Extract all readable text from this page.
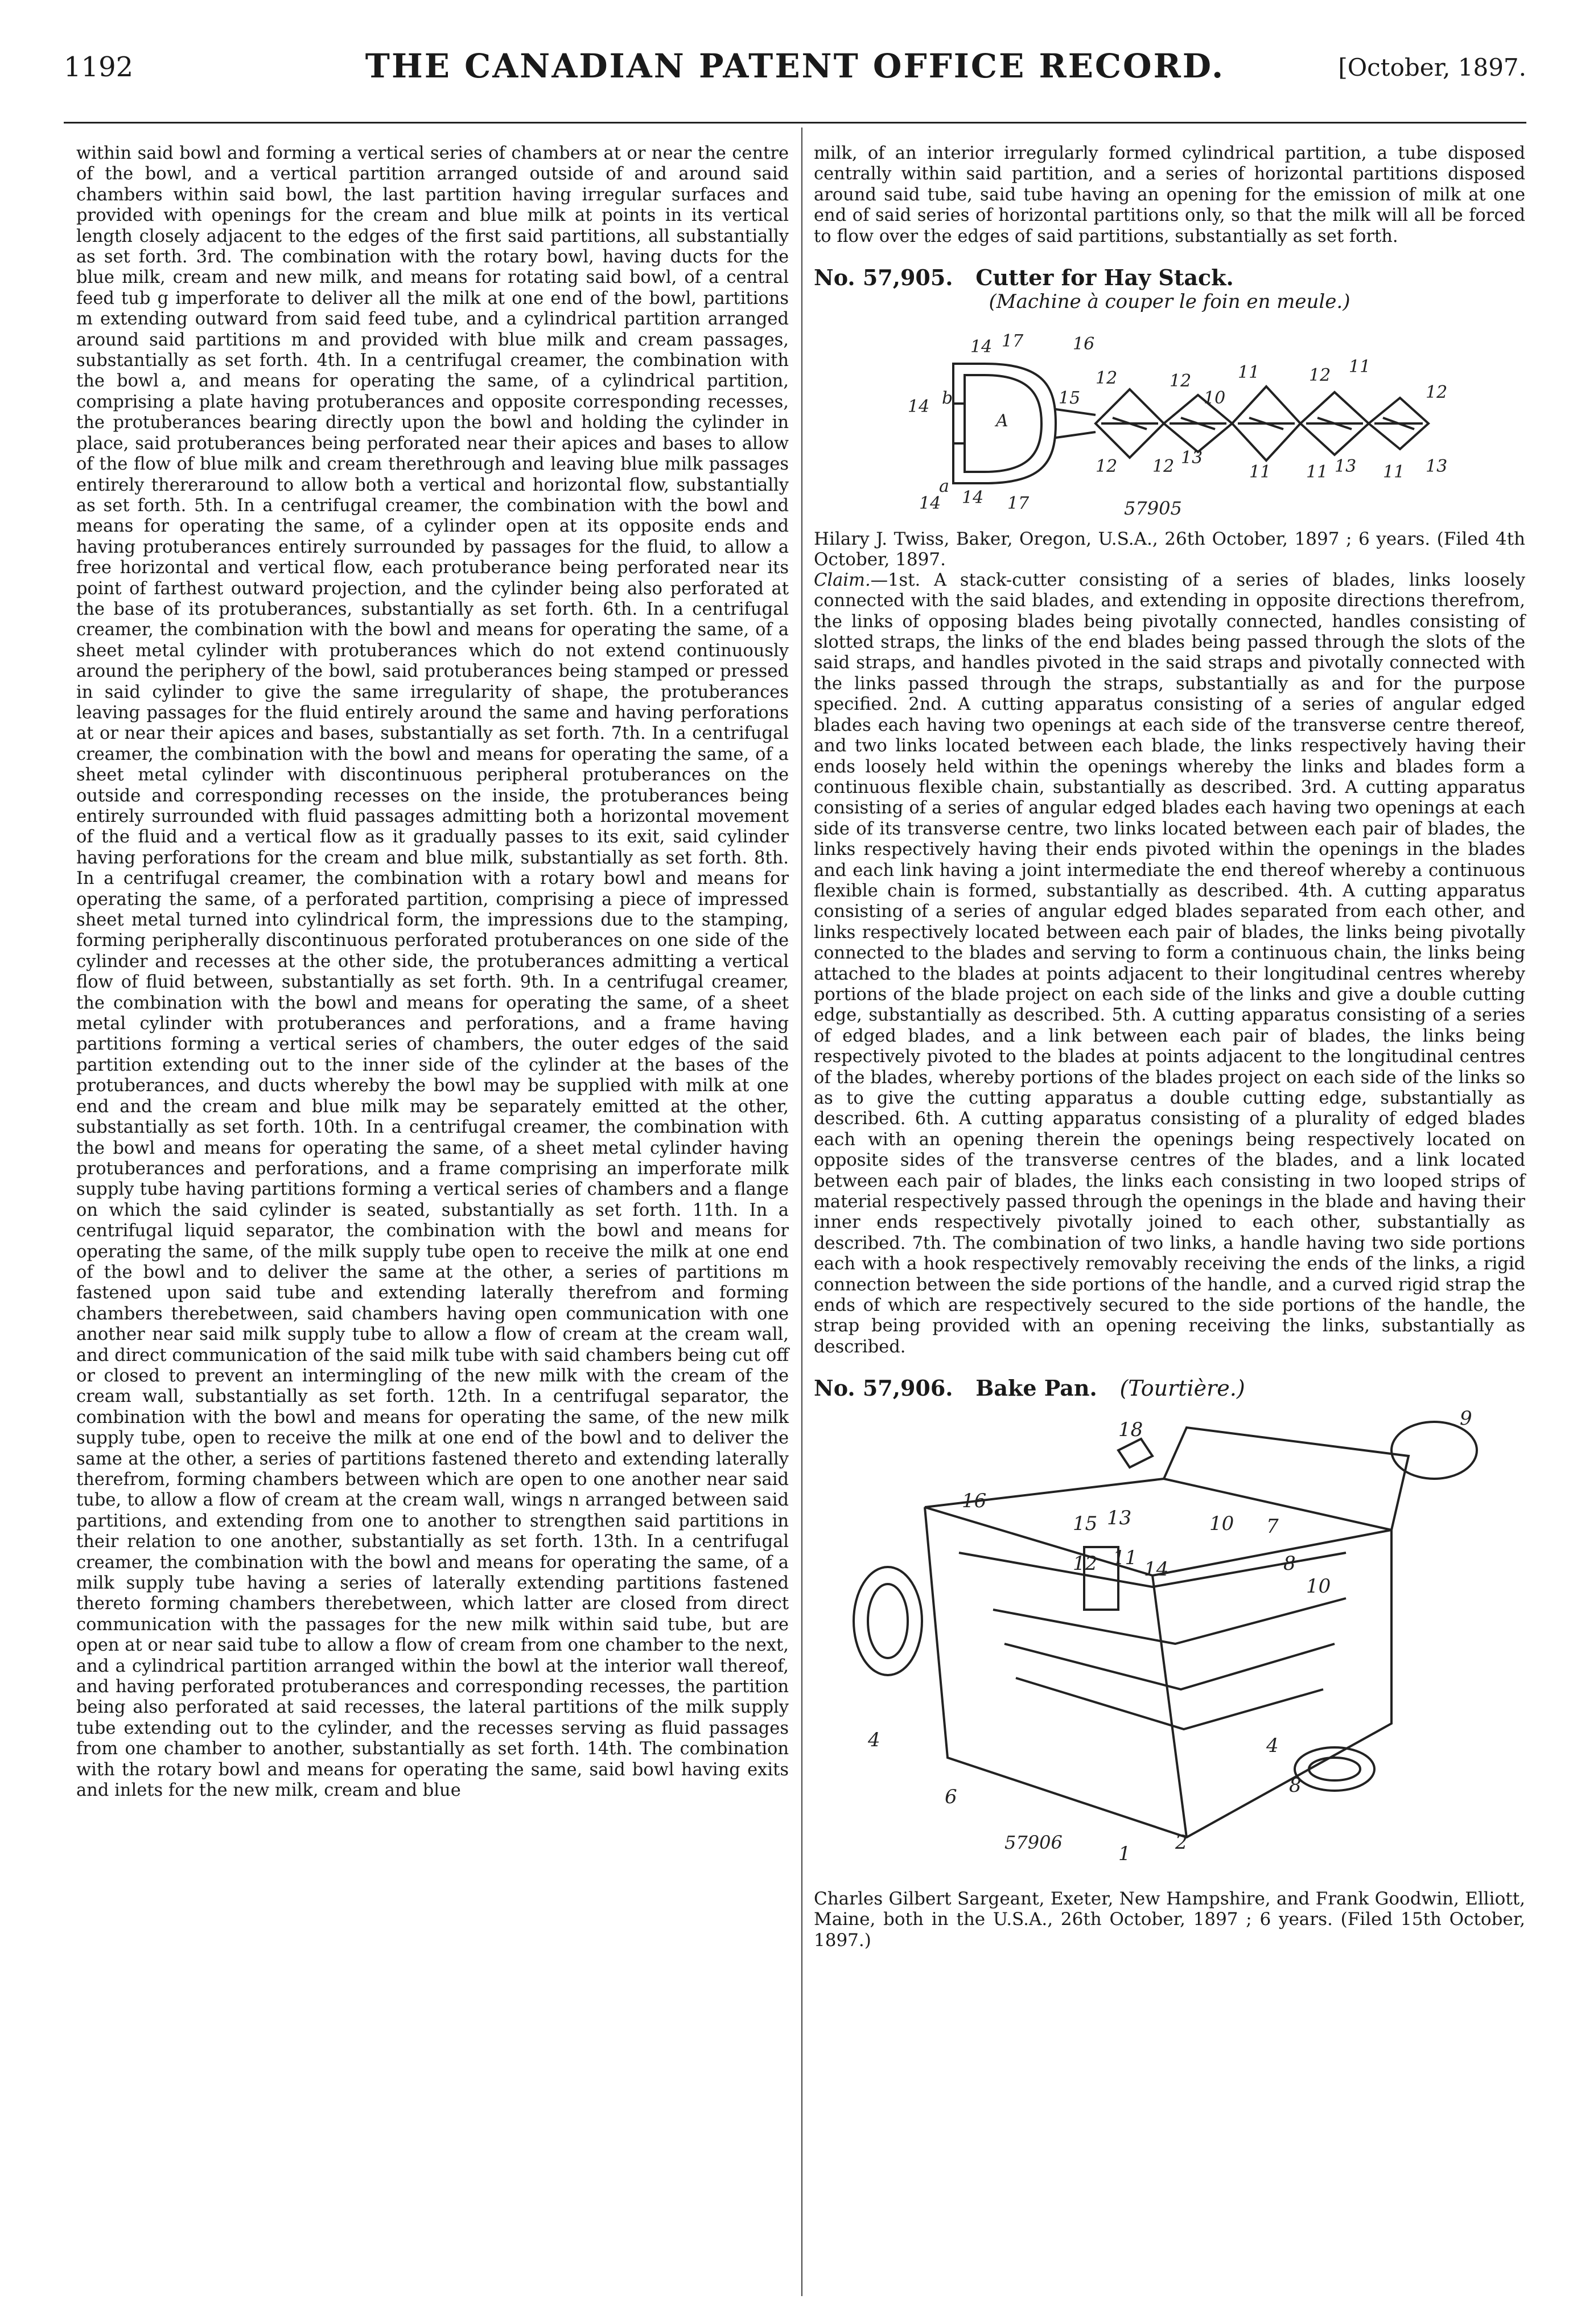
1192	THE CANADIAN PATENT OFFICE RECORD.	[October, 1897.

within said bowl and forming a vertical series of chambers at or near the centre of the bowl, and a vertical partition arranged outside of and around said chambers within said bowl, the last partition having irregular surfaces and provided with openings for the cream and blue milk at points in its vertical length closely adjacent to the edges of the first said partitions, all substantially as set forth. 3rd. The combination with the rotary bowl, having ducts for the blue milk, cream and new milk, and means for rotating said bowl, of a central feed tub g imperforate to deliver all the milk at one end of the bowl, partitions m extending outward from said feed tube, and a cylindrical partition arranged around said partitions m and provided with blue milk and cream passages, substantially as set forth. 4th. In a centrifugal creamer, the combination with the bowl a, and means for operating the same, of a cylindrical partition, comprising a plate having protuberances and opposite corresponding recesses, the protuberances bearing directly upon the bowl and holding the cylinder in place, said protuberances being perforated near their apices and bases to allow of the flow of blue milk and cream therethrough and leaving blue milk passages entirely thereraround to allow both a vertical and horizontal flow, substantially as set forth. 5th. In a centrifugal creamer, the combination with the bowl and means for operating the same, of a cylinder open at its opposite ends and having protuberances entirely surrounded by passages for the fluid, to allow a free horizontal and vertical flow, each protuberance being perforated near its point of farthest outward projection, and the cylinder being also perforated at the base of its protuberances, substantially as set forth. 6th. In a centrifugal creamer, the combination with the bowl and means for operating the same, of a sheet metal cylinder with protuberances which do not extend continuously around the periphery of the bowl, said protuberances being stamped or pressed in said cylinder to give the same irregularity of shape, the protuberances leaving passages for the fluid entirely around the same and having perforations at or near their apices and bases, substantially as set forth. 7th. In a centrifugal creamer, the combination with the bowl and means for operating the same, of a sheet metal cylinder with discontinuous peripheral protuberances on the outside and corresponding recesses on the inside, the protuberances being entirely surrounded with fluid passages admitting both a horizontal movement of the fluid and a vertical flow as it gradually passes to its exit, said cylinder having perforations for the cream and blue milk, substantially as set forth. 8th. In a centrifugal creamer, the combination with a rotary bowl and means for operating the same, of a perforated partition, comprising a piece of impressed sheet metal turned into cylindrical form, the impressions due to the stamping, forming peripherally discontinuous perforated protuberances on one side of the cylinder and recesses at the other side, the protuberances admitting a vertical flow of fluid between, substantially as set forth. 9th. In a centrifugal creamer, the combination with the bowl and means for operating the same, of a sheet metal cylinder with protuberances and perforations, and a frame having partitions forming a vertical series of chambers, the outer edges of the said partition extending out to the inner side of the cylinder at the bases of the protuberances, and ducts whereby the bowl may be supplied with milk at one end and the cream and blue milk may be separately emitted at the other, substantially as set forth. 10th. In a centrifugal creamer, the combination with the bowl and means for operating the same, of a sheet metal cylinder having protuberances and perforations, and a frame comprising an imperforate milk supply tube having partitions forming a vertical series of chambers and a flange on which the said cylinder is seated, substantially as set forth. 11th. In a centrifugal liquid separator, the combination with the bowl and means for operating the same, of the milk supply tube open to receive the milk at one end of the bowl and to deliver the same at the other, a series of partitions m fastened upon said tube and extending laterally therefrom and forming chambers therebetween, said chambers having open communication with one another near said milk supply tube to allow a flow of cream at the cream wall, and direct communication of the said milk tube with said chambers being cut off or closed to prevent an intermingling of the new milk with the cream of the cream wall, substantially as set forth. 12th. In a centrifugal separator, the combination with the bowl and means for operating the same, of the new milk supply tube, open to receive the milk at one end of the bowl and to deliver the same at the other, a series of partitions fastened thereto and extending laterally therefrom, forming chambers between which are open to one another near said tube, to allow a flow of cream at the cream wall, wings n arranged between said partitions, and extending from one to another to strengthen said partitions in their relation to one another, substantially as set forth. 13th. In a centrifugal creamer, the combination with the bowl and means for operating the same, of a milk supply tube having a series of laterally extending partitions fastened thereto forming chambers therebetween, which latter are closed from direct communication with the passages for the new milk within said tube, but are open at or near said tube to allow a flow of cream from one chamber to the next, and a cylindrical partition arranged within the bowl at the interior wall thereof, and having perforated protuberances and corresponding recesses, the partition being also perforated at said recesses, the lateral partitions of the milk supply tube extending out to the cylinder, and the recesses serving as fluid passages from one chamber to another, substantially as set forth. 14th. The combination with the rotary bowl and means for operating the same, said bowl having exits and inlets for the new milk, cream and blue

milk, of an interior irregularly formed cylindrical partition, a tube disposed centrally within said partition, and a series of horizontal partitions disposed around said tube, said tube having an opening for the emission of milk at one end of said series of horizontal partitions only, so that the milk will all be forced to flow over the edges of said partitions, substantially as set forth.

No. 57,905. Cutter for Hay Stack.
(Machine à couper le foin en meule.)
14 17	16
14 b
A
15
12	12	12
12
12 12
11	11
11 11	11
10
13	13	13
a
14 14 17	57905

Hilary J. Twiss, Baker, Oregon, U.S.A., 26th October, 1897 ; 6 years. (Filed 4th October, 1897.

Claim.—1st. A stack-cutter consisting of a series of blades, links loosely connected with the said blades, and extending in opposite directions therefrom, the links of opposing blades being pivotally connected, handles consisting of slotted straps, the links of the end blades being passed through the slots of the said straps, and handles pivoted in the said straps and pivotally connected with the links passed through the straps, substantially as and for the purpose specified. 2nd. A cutting apparatus consisting of a series of angular edged blades each having two openings at each side of the transverse centre thereof, and two links located between each blade, the links respectively having their ends loosely held within the openings whereby the links and blades form a continuous flexible chain, substantially as described. 3rd. A cutting apparatus consisting of a series of angular edged blades each having two openings at each side of its transverse centre, two links located between each pair of blades, the links respectively having their ends pivoted within the openings in the blades and each link having a joint intermediate the end thereof whereby a continuous flexible chain is formed, substantially as described. 4th. A cutting apparatus consisting of a series of angular edged blades separated from each other, and links respectively located between each pair of blades, the links being pivotally connected to the blades and serving to form a continuous chain, the links being attached to the blades at points adjacent to their longitudinal centres whereby portions of the blade project on each side of the links and give a double cutting edge, substantially as described. 5th. A cutting apparatus consisting of a series of edged blades, and a link between each pair of blades, the links being respectively pivoted to the blades at points adjacent to the longitudinal centres of the blades, whereby portions of the blades project on each side of the links so as to give the cutting apparatus a double cutting edge, substantially as described. 6th. A cutting apparatus consisting of a plurality of edged blades each with an opening therein the openings being respectively located on opposite sides of the transverse centres of the blades, and a link located between each pair of blades, the links each consisting in two looped strips of material respectively passed through the openings in the blade and having their inner ends respectively pivotally joined to each other, substantially as described. 7th. The combination of two links, a handle having two side portions each with a hook respectively removably receiving the ends of the links, a rigid connection between the side portions of the handle, and a curved rigid strap the ends of which are respectively secured to the side portions of the handle, the strap being provided with an opening receiving the links, substantially as described.

No. 57,906. Bake Pan. (Tourtière.)
18	9
16
15 13	10 7
12 11 14	8
10
4
6
4
8
1 2
57906

Charles Gilbert Sargeant, Exeter, New Hampshire, and Frank Goodwin, Elliott, Maine, both in the U.S.A., 26th October, 1897 ; 6 years. (Filed 15th October, 1897.)
